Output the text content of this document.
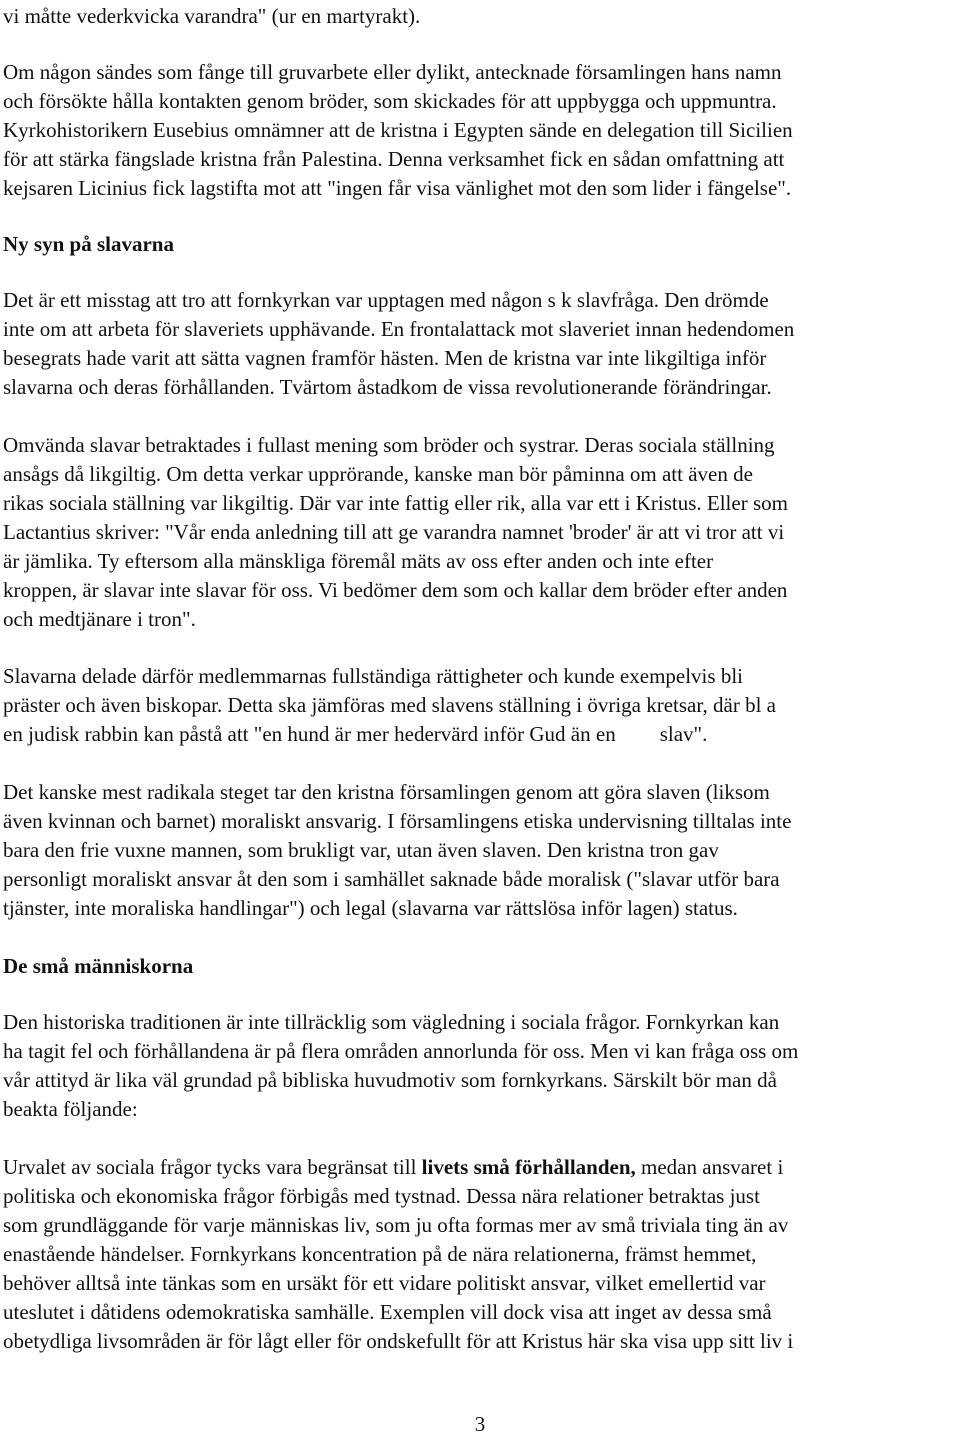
vi måtte vederkvicka varandra" (ur en martyrakt).
Om någon sändes som fånge till gruvarbete eller dylikt, antecknade församlingen hans namn
och försökte hålla kontakten genom bröder, som skickades för att uppbygga och uppmuntra.
Kyrkohistorikern Eusebius omnämner att de kristna i Egypten sände en delegation till Sicilien
för att stärka fängslade kristna från Palestina. Denna verksamhet fick en sådan omfattning att
kejsaren Licinius fick lagstifta mot att "ingen får visa vänlighet mot den som lider i fängelse".
Ny syn på slavarna
Det är ett misstag att tro att fornkyrkan var upptagen med någon s k slavfråga. Den drömde
inte om att arbeta för slaveriets upphävande. En frontalattack mot slaveriet innan hedendomen
besegrats hade varit att sätta vagnen framför hästen. Men de kristna var inte likgiltiga inför
slavarna och deras förhållanden. Tvärtom åstadkom de vissa revolutionerande förändringar.
Omvända slavar betraktades i fullast mening som bröder och systrar. Deras sociala ställning
ansågs då likgiltig. Om detta verkar upprörande, kanske man bör påminna om att även de
rikas sociala ställning var likgiltig. Där var inte fattig eller rik, alla var ett i Kristus. Eller som
Lactantius skriver: "Vår enda anledning till att ge varandra namnet 'broder' är att vi tror att vi
är jämlika. Ty eftersom alla mänskliga föremål mäts av oss efter anden och inte efter
kroppen, är slavar inte slavar för oss. Vi bedömer dem som och kallar dem bröder efter anden
och medtjänare i tron".
Slavarna delade därför medlemmarnas fullständiga rättigheter och kunde exempelvis bli
präster och även biskopar. Detta ska jämföras med slavens ställning i övriga kretsar, där bl a
en judisk rabbin kan påstå att "en hund är mer hedervärd inför Gud än en slav".
Det kanske mest radikala steget tar den kristna församlingen genom att göra slaven (liksom
även kvinnan och barnet) moraliskt ansvarig. I församlingens etiska undervisning tilltalas inte
bara den frie vuxne mannen, som brukligt var, utan även slaven. Den kristna tron gav
personligt moraliskt ansvar åt den som i samhället saknade både moralisk ("slavar utför bara
tjänster, inte moraliska handlingar") och legal (slavarna var rättslösa inför lagen) status.
De små människorna
Den historiska traditionen är inte tillräcklig som vägledning i sociala frågor. Fornkyrkan kan
ha tagit fel och förhållandena är på flera områden annorlunda för oss. Men vi kan fråga oss om
vår attityd är lika väl grundad på bibliska huvudmotiv som fornkyrkans. Särskilt bör man då
beakta följande:
Urvalet av sociala frågor tycks vara begränsat till livets små förhållanden, medan ansvaret i
politiska och ekonomiska frågor förbigås med tystnad. Dessa nära relationer betraktas just
som grundläggande för varje människas liv, som ju ofta formas mer av små triviala ting än av
enastående händelser. Fornkyrkans koncentration på de nära relationerna, främst hemmet,
behöver alltså inte tänkas som en ursäkt för ett vidare politiskt ansvar, vilket emellertid var
uteslutet i dåtidens odemokratiska samhälle. Exemplen vill dock visa att inget av dessa små
obetydliga livsområden är för lågt eller för ondskefullt för att Kristus här ska visa upp sitt liv i
3
